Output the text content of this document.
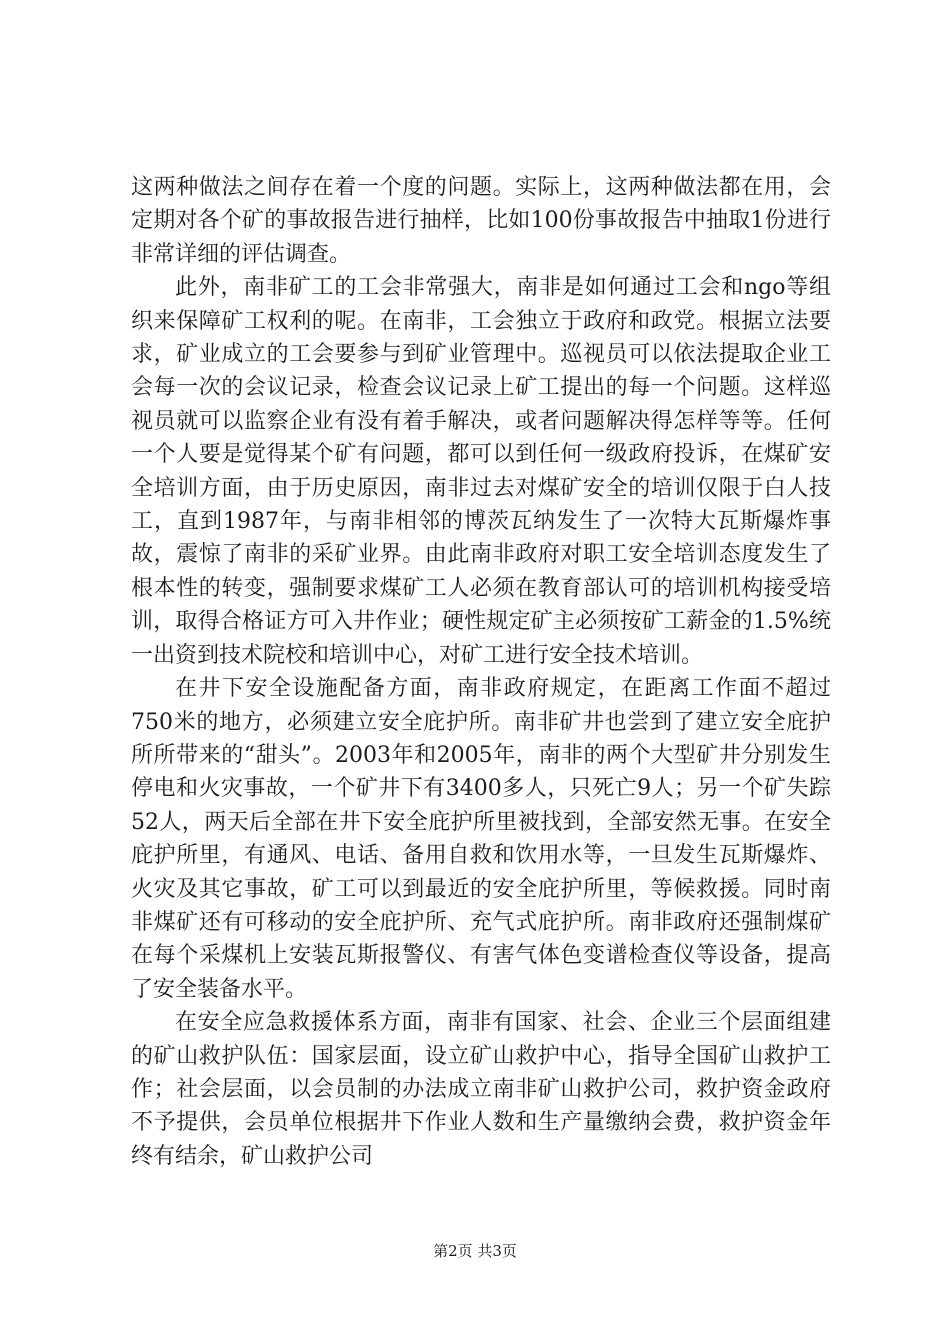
这两种做法之间存在着一个度的问题。实际上，这两种做法都在用，会定期对各个矿的事故报告进行抽样，比如100份事故报告中抽取1份进行非常详细的评估调查。

此外，南非矿工的工会非常强大，南非是如何通过工会和ngo等组织来保障矿工权利的呢。在南非，工会独立于政府和政党。根据立法要求，矿业成立的工会要参与到矿业管理中。巡视员可以依法提取企业工会每一次的会议记录，检查会议记录上矿工提出的每一个问题。这样巡视员就可以监察企业有没有着手解决，或者问题解决得怎样等等。任何一个人要是觉得某个矿有问题，都可以到任何一级政府投诉，在煤矿安全培训方面，由于历史原因，南非过去对煤矿安全的培训仅限于白人技工，直到1987年，与南非相邻的博茨瓦纳发生了一次特大瓦斯爆炸事故，震惊了南非的采矿业界。由此南非政府对职工安全培训态度发生了根本性的转变，强制要求煤矿工人必须在教育部认可的培训机构接受培训，取得合格证方可入井作业；硬性规定矿主必须按矿工薪金的1.5%统一出资到技术院校和培训中心，对矿工进行安全技术培训。

在井下安全设施配备方面，南非政府规定，在距离工作面不超过750米的地方，必须建立安全庇护所。南非矿井也尝到了建立安全庇护所所带来的“甜头”。2003年和2005年，南非的两个大型矿井分别发生停电和火灾事故，一个矿井下有3400多人，只死亡9人；另一个矿失踪52人，两天后全部在井下安全庇护所里被找到，全部安然无事。在安全庇护所里，有通风、电话、备用自救和饮用水等，一旦发生瓦斯爆炸、火灾及其它事故，矿工可以到最近的安全庇护所里，等候救援。同时南非煤矿还有可移动的安全庇护所、充气式庇护所。南非政府还强制煤矿在每个采煤机上安装瓦斯报警仪、有害气体色变谱检查仪等设备，提高了安全装备水平。

在安全应急救援体系方面，南非有国家、社会、企业三个层面组建的矿山救护队伍：国家层面，设立矿山救护中心，指导全国矿山救护工作；社会层面，以会员制的办法成立南非矿山救护公司，救护资金政府不予提供，会员单位根据井下作业人数和生产量缴纳会费，救护资金年终有结余，矿山救护公司

第2页 共3页
